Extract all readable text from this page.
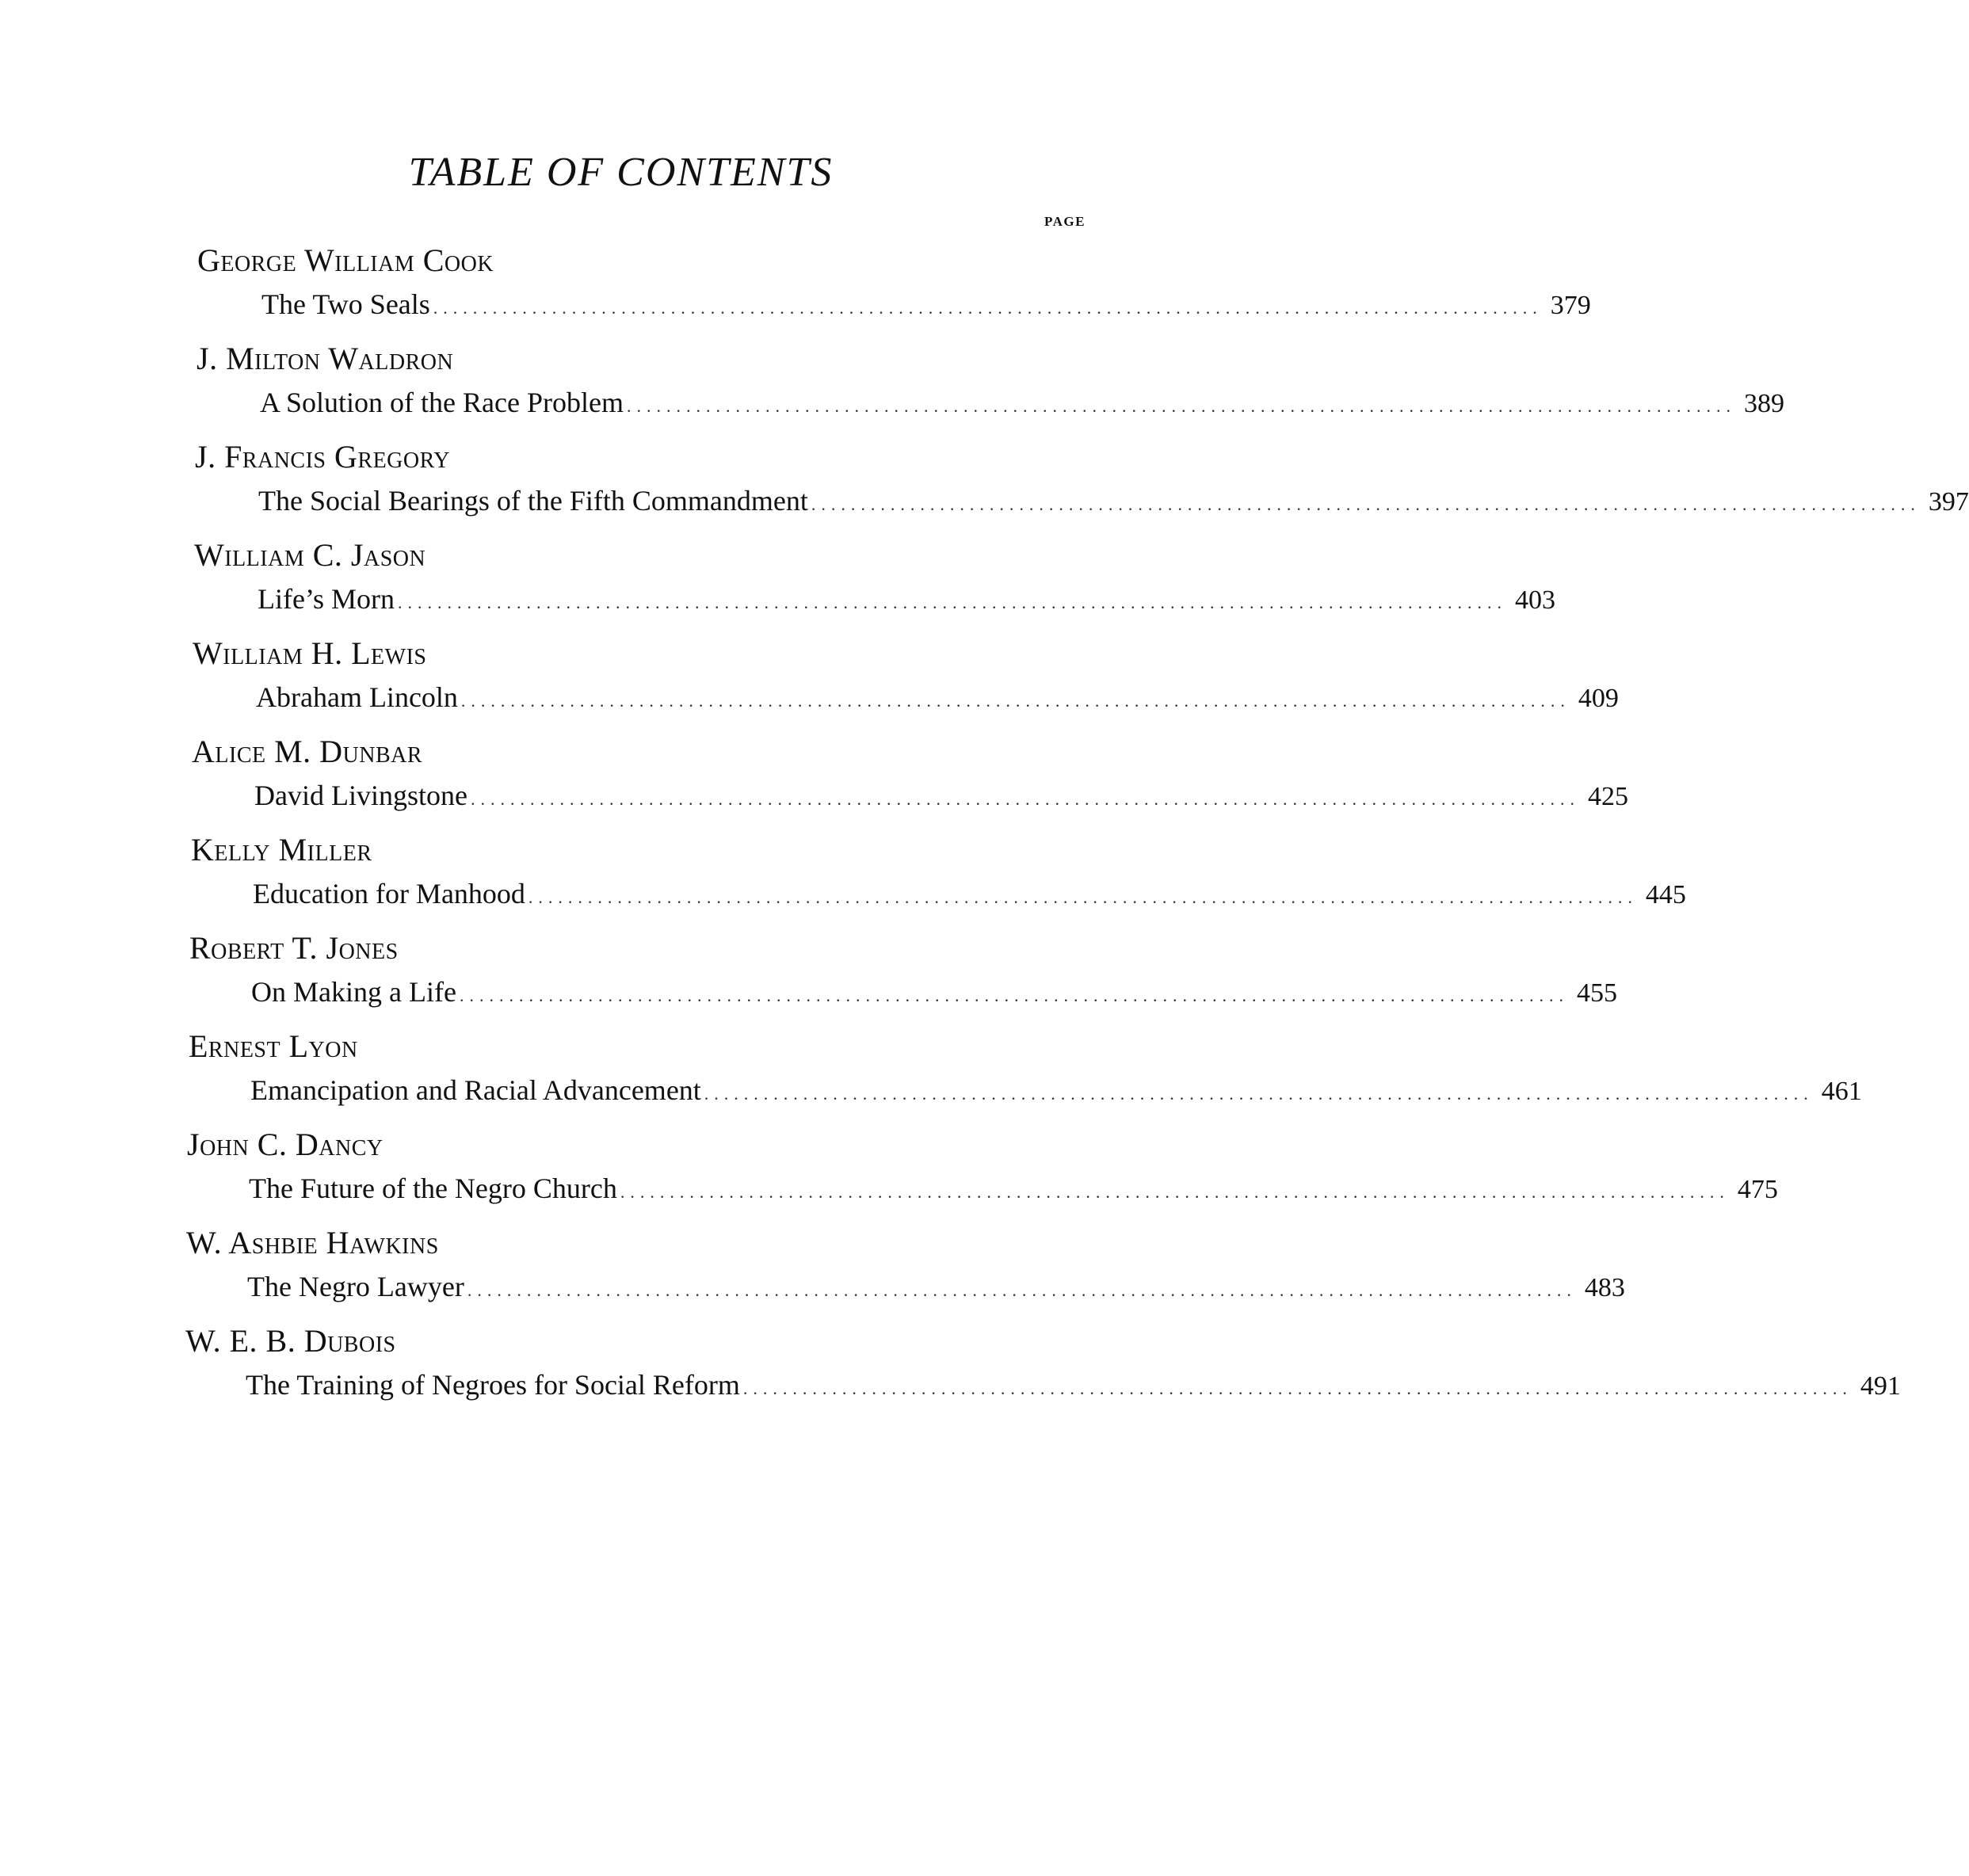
TABLE OF CONTENTS
PAGE
George William Cook
The Two Seals ................................................................................................................ 379
J. Milton Waldron
A Solution of the Race Problem ................................................................................................................ 389
J. Francis Gregory
The Social Bearings of the Fifth Commandment ................................................................................................................ 397
William C. Jason
Life’s Morn ................................................................................................................ 403
William H. Lewis
Abraham Lincoln ................................................................................................................ 409
Alice M. Dunbar
David Livingstone ................................................................................................................ 425
Kelly Miller
Education for Manhood ................................................................................................................ 445
Robert T. Jones
On Making a Life ................................................................................................................ 455
Ernest Lyon
Emancipation and Racial Advancement ................................................................................................................ 461
John C. Dancy
The Future of the Negro Church ................................................................................................................ 475
W. Ashbie Hawkins
The Negro Lawyer ................................................................................................................ 483
W. E. B. Dubois
The Training of Negroes for Social Reform ................................................................................................................ 491
